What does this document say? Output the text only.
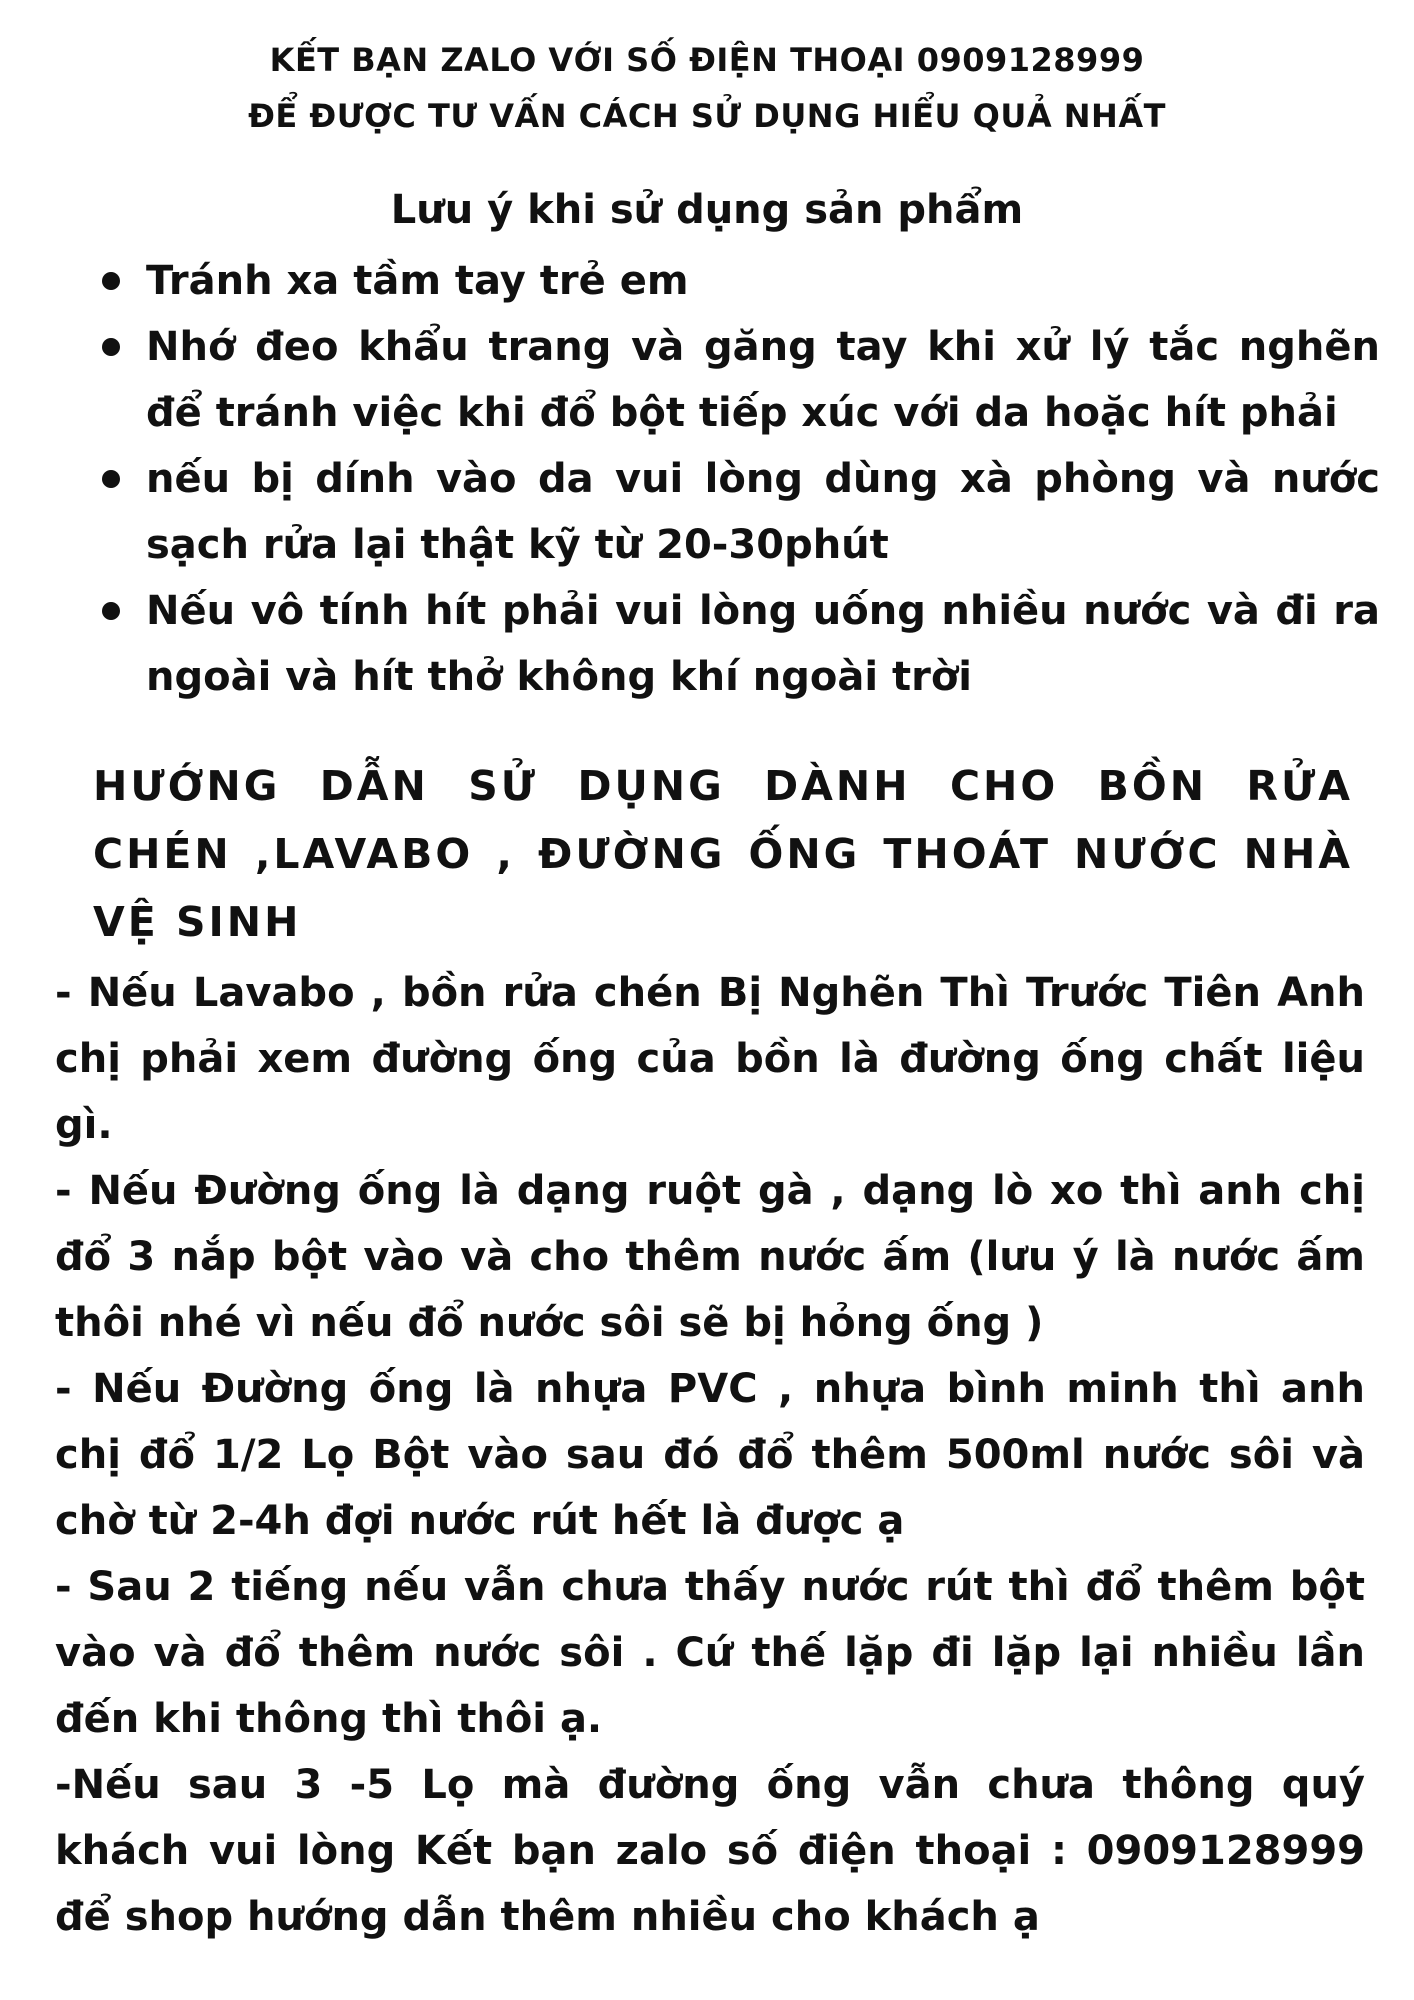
KẾT BẠN ZALO VỚI SỐ ĐIỆN THOẠI 0909128999
ĐỂ ĐƯỢC TƯ VẤN CÁCH SỬ DỤNG HIỂU QUẢ NHẤT
Lưu ý khi sử dụng sản phẩm
Tránh xa tầm tay trẻ em
Nhớ đeo khẩu trang và găng tay khi xử lý tắc nghẽn để tránh việc khi đổ bột tiếp xúc với da hoặc hít phải
nếu bị dính vào da vui lòng dùng xà phòng và nước sạch rửa lại thật kỹ từ 20-30phút
Nếu vô tính hít phải vui lòng uống nhiều nước và đi ra ngoài và hít thở không khí ngoài trời
HƯỚNG DẪN SỬ DỤNG DÀNH CHO BỒN RỬA CHÉN ,LAVABO , ĐƯỜNG ỐNG THOÁT NƯỚC NHÀ VỆ SINH

- Nếu Lavabo , bồn rửa chén Bị Nghẽn Thì Trước Tiên Anh chị phải xem đường ống của bồn là đường ống chất liệu gì.

- Nếu Đường ống là dạng ruột gà , dạng lò xo thì anh chị đổ 3 nắp bột vào và cho thêm nước ấm (lưu ý là nước ấm thôi nhé vì nếu đổ nước sôi sẽ bị hỏng ống )

- Nếu Đường ống là nhựa PVC , nhựa bình minh thì anh chị đổ 1/2 Lọ Bột vào sau đó đổ thêm 500ml nước sôi và chờ từ 2-4h đợi nước rút hết là được ạ

- Sau 2 tiếng nếu vẫn chưa thấy nước rút thì đổ thêm bột vào và đổ thêm nước sôi . Cứ thế lặp đi lặp lại nhiều lần đến khi thông thì thôi ạ.

-Nếu sau 3 -5 Lọ mà đường ống vẫn chưa thông quý khách vui lòng Kết bạn zalo số điện thoại : 0909128999 để shop hướng dẫn thêm nhiều cho khách ạ
